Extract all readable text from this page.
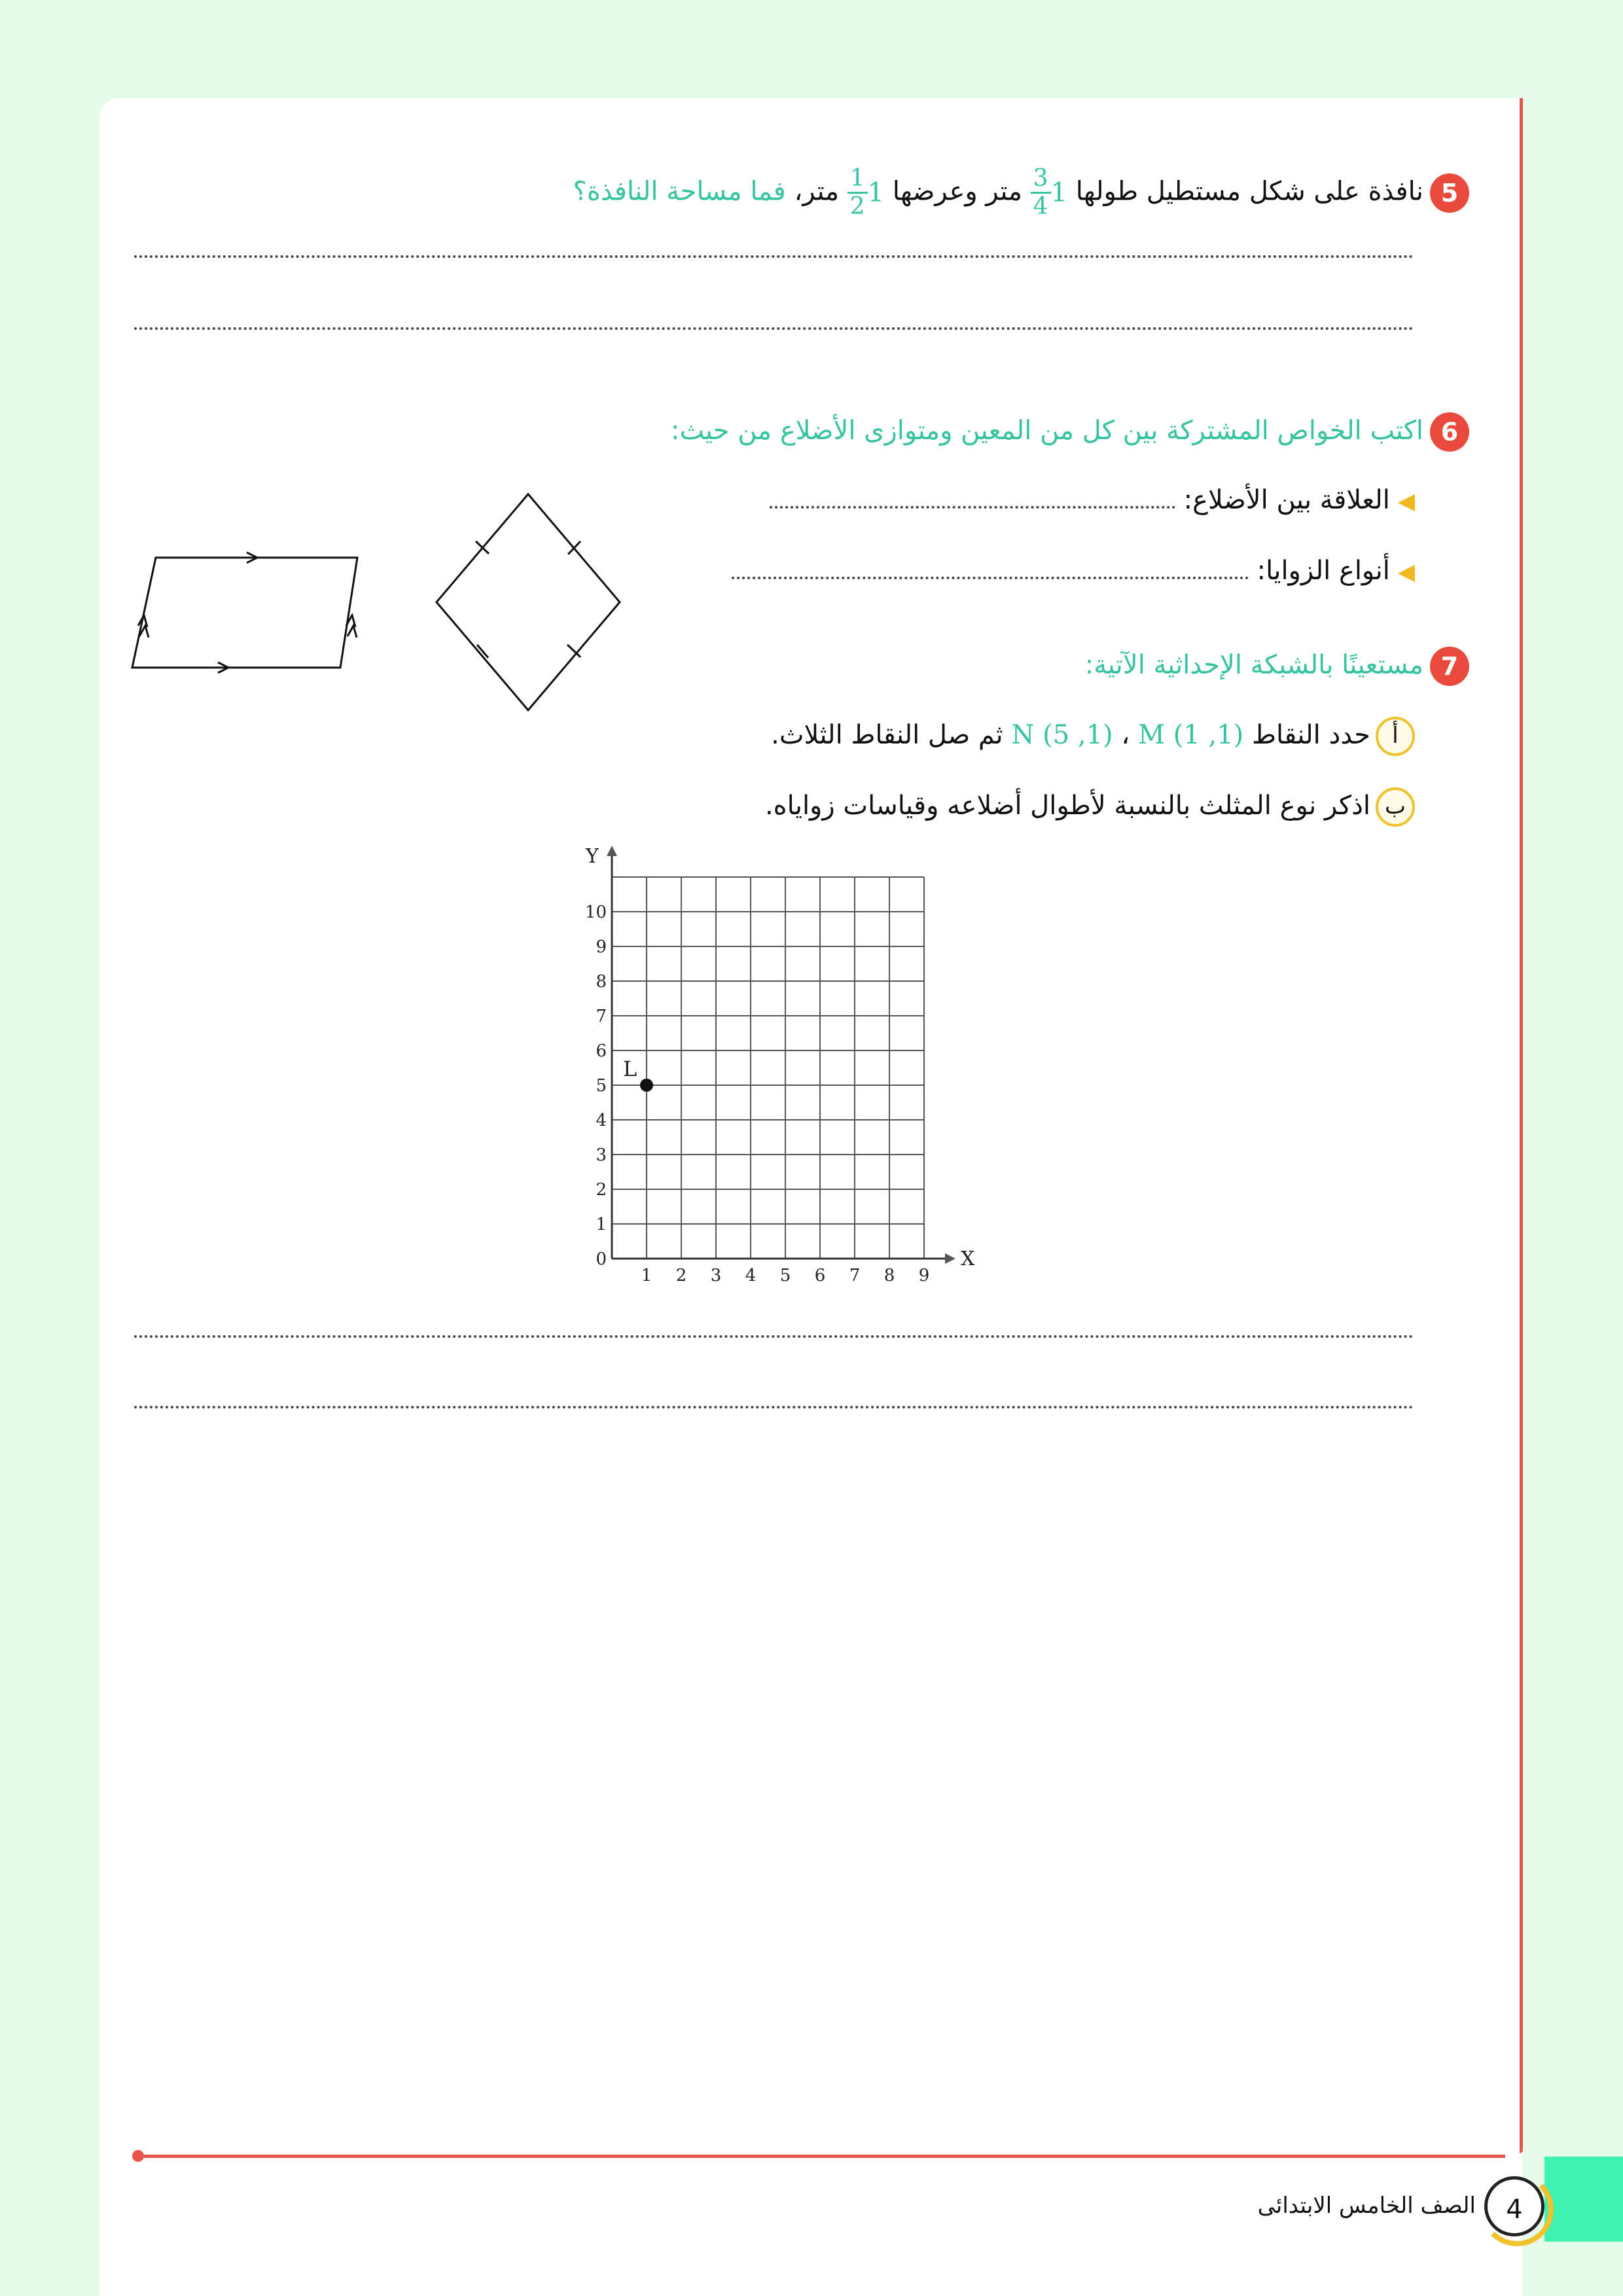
5نافذة على شكل مستطيل طولها 1
$\frac{3}{4}$
متر وعرضها 1
$\frac{1}{2}$
متر، فما مساحة النافذة؟
6اكتب الخواص المشتركة بين كل من المعين ومتوازى الأضلاع من حيث:
◀العلاقة بين الأضلاع:
◀أنواع الزوايا:
7مستعينًا بالشبكة الإحداثية الآتية:
أحدد النقاط M (1 ,1) ، N (5 ,1) ثم صل النقاط الثلاث.
باذكر نوع المثلث بالنسبة لأطوال أضلاعه وقياسات زواياه.
1 2 3 4 5 6 7 8 9
0
1
2
3
4
5
6
7
8
9
10
X
Y
L
4
الصف الخامس الابتدائى
